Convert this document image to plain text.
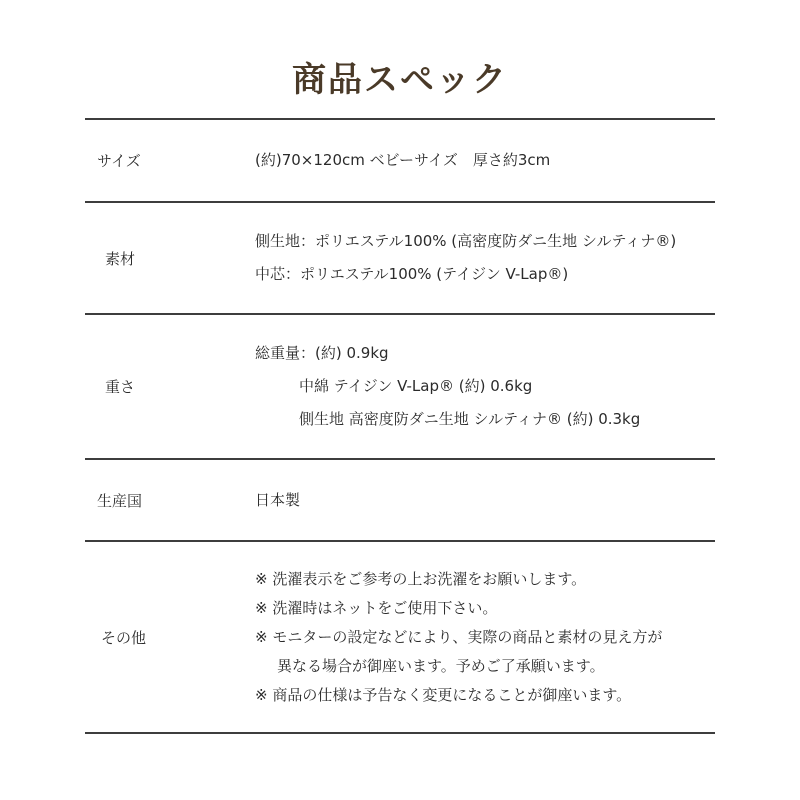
商品スペック
サイズ	(約)70×120cm ベビーサイズ　厚さ約3cm
素材
側生地：ポリエステル100% (高密度防ダニ生地 シルティナ®)
中芯：ポリエステル100% (テイジン V-Lap®)
重さ
総重量：(約) 0.9kg
中綿 テイジン V-Lap® (約) 0.6kg
側生地 高密度防ダニ生地 シルティナ® (約) 0.3kg
生産国	日本製
その他
※ 洗濯表示をご参考の上お洗濯をお願いします。
※ 洗濯時はネットをご使用下さい。
※ モニターの設定などにより、実際の商品と素材の見え方が
異なる場合が御座います。予めご了承願います。
※ 商品の仕様は予告なく変更になることが御座います。
